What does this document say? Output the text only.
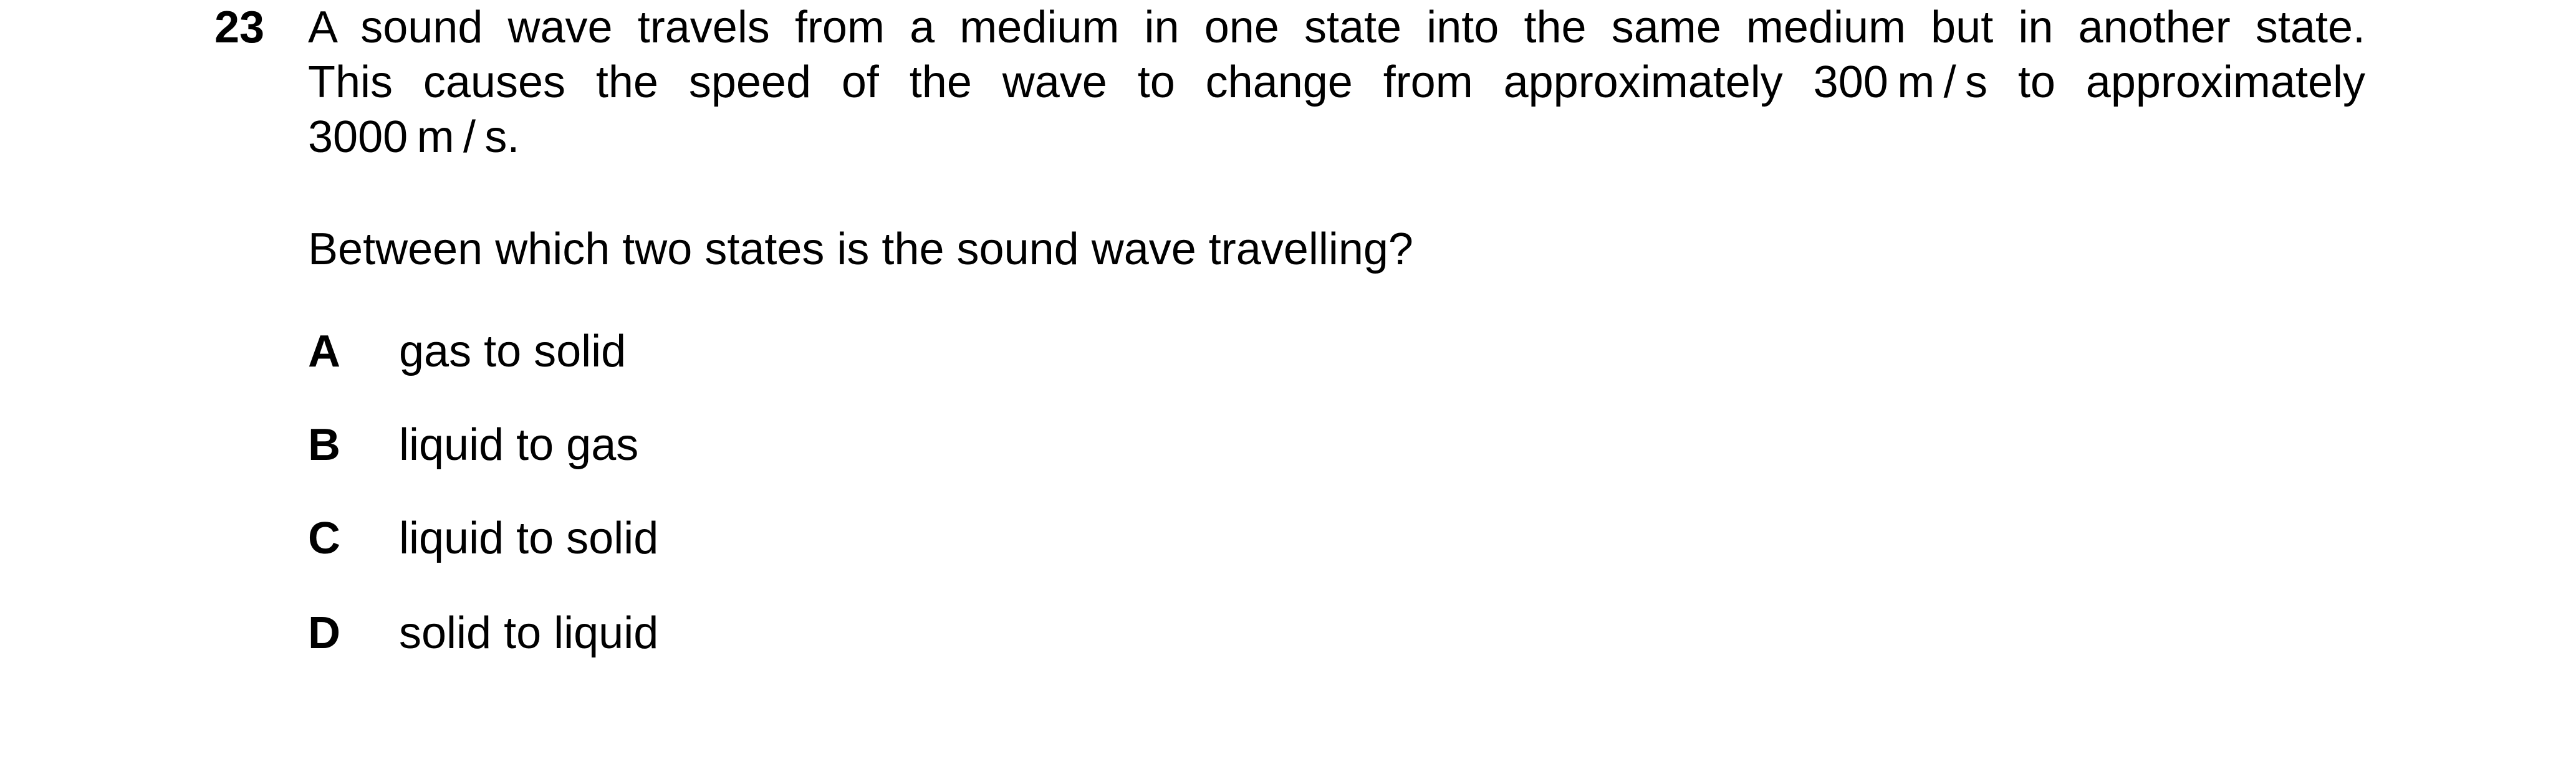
23 A sound wave travels from a medium in one state into the same medium but in another state.
This causes the speed of the wave to change from approximately 300 m / s to approximately
3000 m / s.
Between which two states is the sound wave travelling?
A gas to solid
B liquid to gas
C liquid to solid
D solid to liquid
